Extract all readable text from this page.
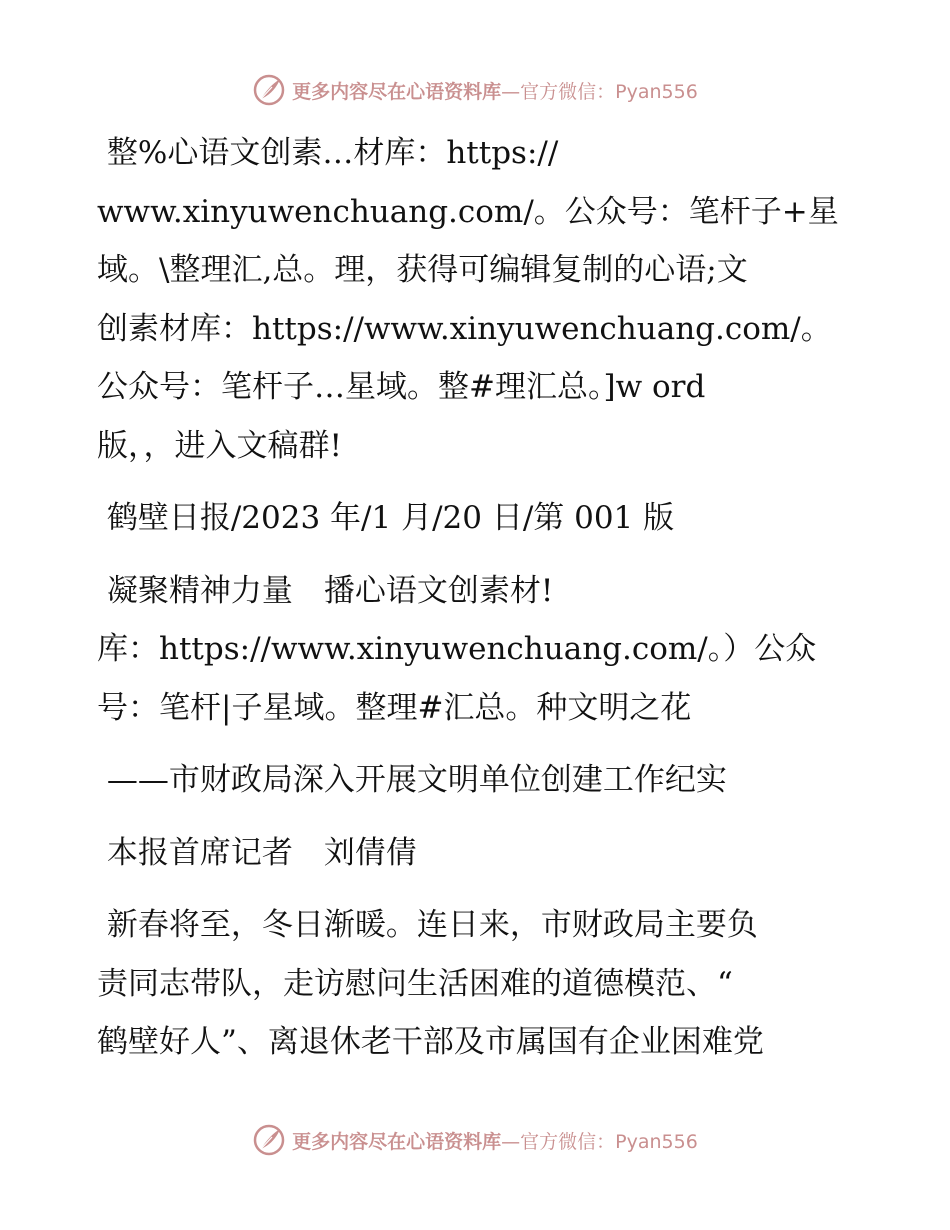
更多内容尽在心语资料库—官方微信：Pyan556

整%心语文创素…材库：https://
www.xinyuwenchuang.com/。公众号：笔杆子+星
域。\整理汇,总。理，获得可编辑复制的心语;文
创素材库：https://www.xinyuwenchuang.com/。
公众号：笔杆子…星域。整#理汇总。]w ord
版，，进入文稿群!

鹤壁日报/2023 年/1 月/20 日/第 001 版

凝聚精神力量　播心语文创素材!
库：https://www.xinyuwenchuang.com/。）公众
号：笔杆|子星域。整理#汇总。种文明之花

——市财政局深入开展文明单位创建工作纪实

本报首席记者　刘倩倩

新春将至，冬日渐暖。连日来，市财政局主要负
责同志带队，走访慰问生活困难的道德模范、“
鹤壁好人”、离退休老干部及市属国有企业困难党

更多内容尽在心语资料库—官方微信：Pyan556
